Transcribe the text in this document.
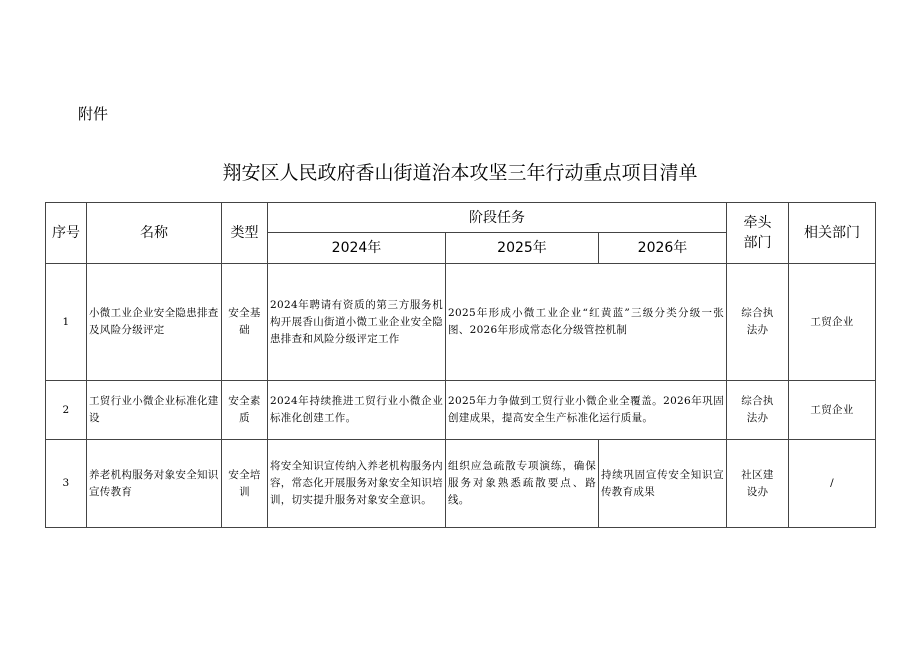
附件
翔安区人民政府香山街道治本攻坚三年行动重点项目清单
序号	名称	类型	阶段任务			牵头部门	相关部门
			2024年	2025年	2026年		
1	小微工业企业安全隐患排查及风险分级评定	安全基础	2024年聘请有资质的第三方服务机构开展香山街道小微工业企业安全隐患排查和风险分级评定工作	2025年形成小微工业企业“红黄蓝”三级分类分级一张图、2026年形成常态化分级管控机制		综合执法办	工贸企业
2	工贸行业小微企业标准化建设	安全素质	2024年持续推进工贸行业小微企业标准化创建工作。	2025年力争做到工贸行业小微企业全覆盖。2026年巩固创建成果，提高安全生产标准化运行质量。		综合执法办	工贸企业
3	养老机构服务对象安全知识宣传教育	安全培训	将安全知识宣传纳入养老机构服务内容，常态化开展服务对象安全知识培训，切实提升服务对象安全意识。	组织应急疏散专项演练，确保服务对象熟悉疏散要点、路线。	持续巩固宣传安全知识宣传教育成果	社区建设办	/
